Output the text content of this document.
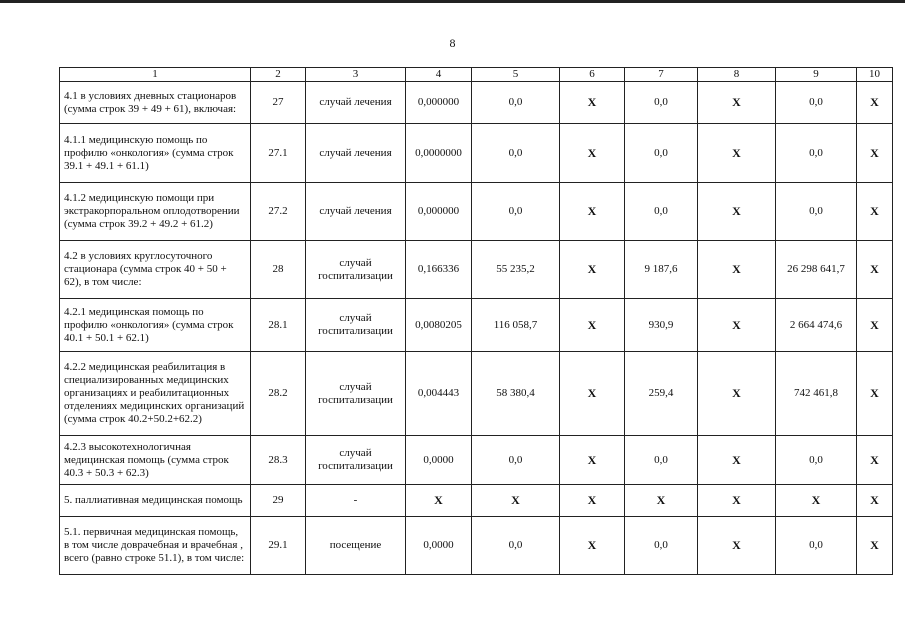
8
1	2	3	4	5	6	7	8	9	10
4.1 в условиях дневных стационаров (сумма строк 39 + 49 + 61), включая:	27	случай лечения	0,000000	0,0	X	0,0	X	0,0	X
4.1.1 медицинскую помощь по профилю «онкология» (сумма строк 39.1 + 49.1 + 61.1)	27.1	случай лечения	0,0000000	0,0	X	0,0	X	0,0	X
4.1.2 медицинскую помощи при экстракорпоральном оплодотворении (сумма строк 39.2 + 49.2 + 61.2)	27.2	случай лечения	0,000000	0,0	X	0,0	X	0,0	X
4.2 в условиях круглосуточного стационара (сумма строк 40 + 50 + 62), в том числе:	28	случай госпитализации	0,166336	55 235,2	X	9 187,6	X	26 298 641,7	X
4.2.1 медицинская помощь по профилю «онкология» (сумма строк 40.1 + 50.1 + 62.1)	28.1	случай госпитализации	0,0080205	116 058,7	X	930,9	X	2 664 474,6	X
4.2.2 медицинская реабилитация в специализированных медицинских организациях и реабилитационных отделениях медицинских организаций (сумма строк 40.2+50.2+62.2)	28.2	случай госпитализации	0,004443	58 380,4	X	259,4	X	742 461,8	X
4.2.3 высокотехнологичная медицинская помощь (сумма строк 40.3 + 50.3 + 62.3)	28.3	случай госпитализации	0,0000	0,0	X	0,0	X	0,0	X
5. паллиативная медицинская помощь	29	-	X	X	X	X	X	X	X
5.1. первичная медицинская помощь, в том числе доврачебная и врачебная , всего (равно строке 51.1), в том числе:	29.1	посещение	0,0000	0,0	X	0,0	X	0,0	X
